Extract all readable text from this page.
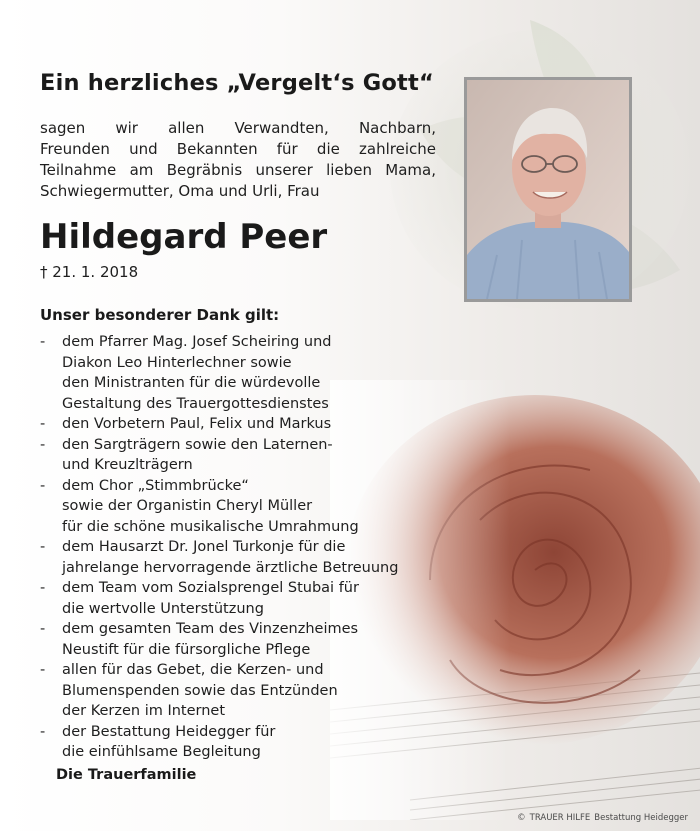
Ein herzliches „Vergelt‘s Gott“
sagen wir allen Verwandten, Nachbarn,
Freunden und Bekannten für die zahlreiche
Teilnahme am Begräbnis unserer lieben Mama,
Schwiegermutter, Oma und Urli, Frau
Hildegard Peer
† 21. 1. 2018
Unser besonderer Dank gilt:
- dem Pfarrer Mag. Josef Scheiring und
Diakon Leo Hinterlechner sowie
den Ministranten für die würdevolle
Gestaltung des Trauergottesdienstes
- den Vorbetern Paul, Felix und Markus
- den Sargträgern sowie den Laternen-
und Kreuzlträgern
- dem Chor „Stimmbrücke“
sowie der Organistin Cheryl Müller
für die schöne musikalische Umrahmung
- dem Hausarzt Dr. Jonel Turkonje für die
jahrelange hervorragende ärztliche Betreuung
- dem Team vom Sozialsprengel Stubai für
die wertvolle Unterstützung
- dem gesamten Team des Vinzenzheimes
Neustift für die fürsorgliche Pflege
- allen für das Gebet, die Kerzen- und
Blumenspenden sowie das Entzünden
der Kerzen im Internet
- der Bestattung Heidegger für
die einfühlsame Begleitung
Die Trauerfamilie
© TRAUER HILFE Bestattung Heidegger
